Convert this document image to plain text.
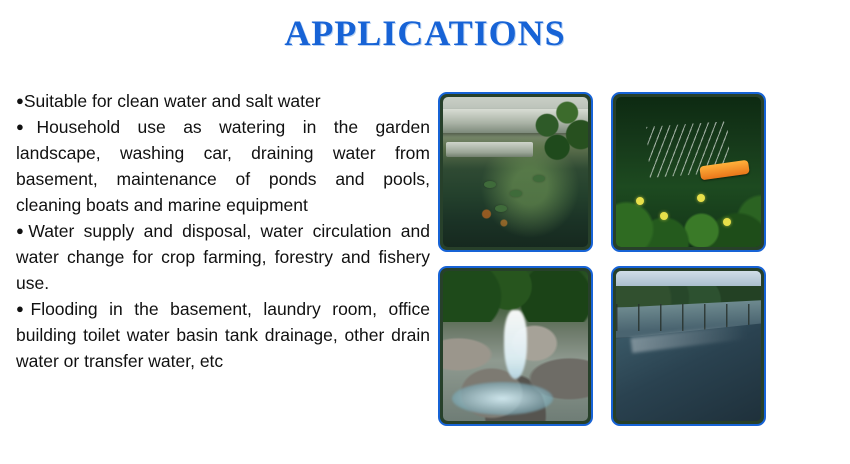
APPLICATIONS

●Suitable for clean water and salt water

●Household use as watering in the garden landscape, washing car, draining water from basement, maintenance of ponds and pools, cleaning boats and marine equipment

●Water supply and disposal, water circulation and water change for crop farming, forestry and fishery use.

●Flooding in the basement, laundry room, office building toilet water basin tank drainage, other drain water or transfer water, etc
